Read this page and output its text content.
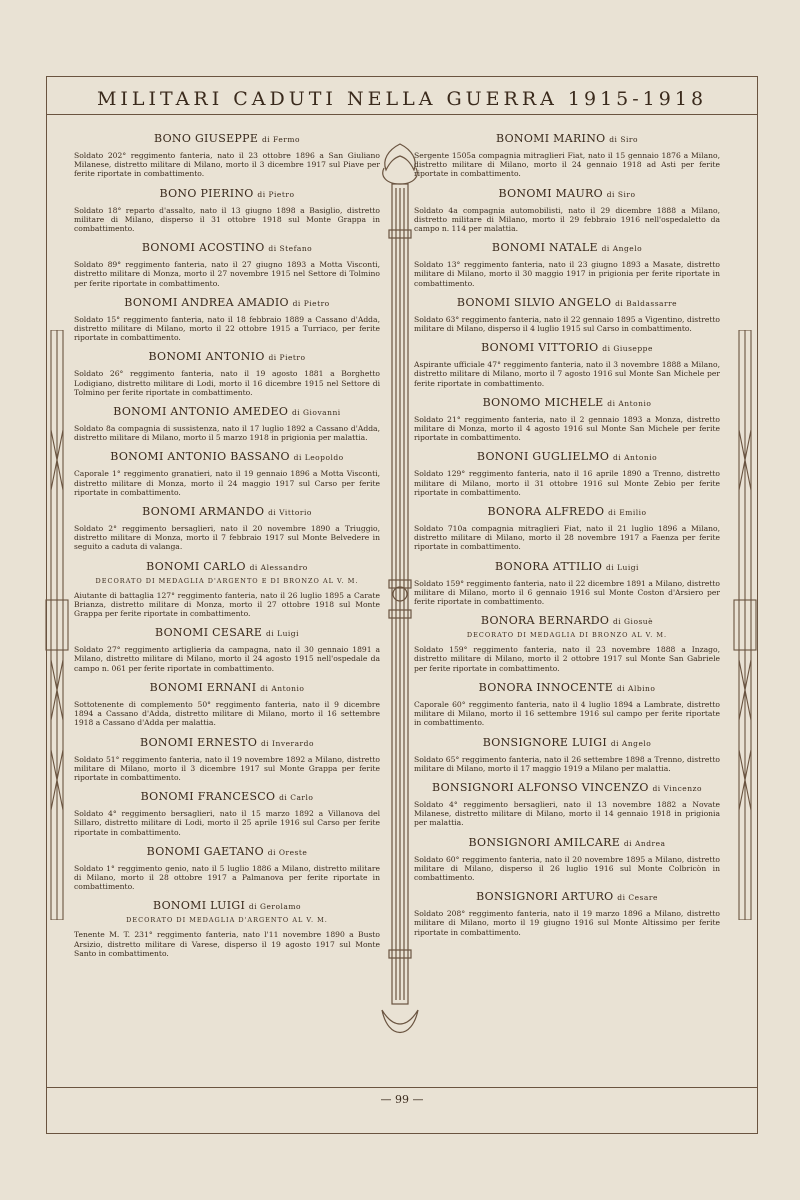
MILITARI CADUTI NELLA GUERRA 1915-1918
BONO GIUSEPPE di Fermo

Soldato 202° reggimento fanteria, nato il 23 ottobre 1896 a San Giuliano Milanese, distretto militare di Milano, morto il 3 dicembre 1917 sul Piave per ferite riportate in combattimento.

BONO PIERINO di Pietro

Soldato 18° reparto d'assalto, nato il 13 giugno 1898 a Basiglio, distretto militare di Milano, disperso il 31 ottobre 1918 sul Monte Grappa in combattimento.

BONOMI ACOSTINO di Stefano

Soldato 89° reggimento fanteria, nato il 27 giugno 1893 a Motta Visconti, distretto militare di Monza, morto il 27 novembre 1915 nel Settore di Tolmino per ferite riportate in combattimento.

BONOMI ANDREA AMADIO di Pietro

Soldato 15° reggimento fanteria, nato il 18 febbraio 1889 a Cassano d'Adda, distretto militare di Milano, morto il 22 ottobre 1915 a Turriaco, per ferite riportate in combattimento.

BONOMI ANTONIO di Pietro

Soldato 26° reggimento fanteria, nato il 19 agosto 1881 a Borghetto Lodigiano, distretto militare di Lodi, morto il 16 dicembre 1915 nel Settore di Tolmino per ferite riportate in combattimento.

BONOMI ANTONIO AMEDEO di Giovanni

Soldato 8a compagnia di sussistenza, nato il 17 luglio 1892 a Cassano d'Adda, distretto militare di Milano, morto il 5 marzo 1918 in prigionia per malattia.

BONOMI ANTONIO BASSANO di Leopoldo

Caporale 1° reggimento granatieri, nato il 19 gennaio 1896 a Motta Visconti, distretto militare di Monza, morto il 24 maggio 1917 sul Carso per ferite riportate in combattimento.

BONOMI ARMANDO di Vittorio

Soldato 2° reggimento bersaglieri, nato il 20 novembre 1890 a Triuggio, distretto militare di Monza, morto il 7 febbraio 1917 sul Monte Belvedere in seguito a caduta di valanga.

BONOMI CARLO di Alessandro
DECORATO DI MEDAGLIA D'ARGENTO E DI BRONZO AL V. M.

Aiutante di battaglia 127° reggimento fanteria, nato il 26 luglio 1895 a Carate Brianza, distretto militare di Monza, morto il 27 ottobre 1918 sul Monte Grappa per ferite riportate in combattimento.

BONOMI CESARE di Luigi

Soldato 27° reggimento artiglieria da campagna, nato il 30 gennaio 1891 a Milano, distretto militare di Milano, morto il 24 agosto 1915 nell'ospedale da campo n. 061 per ferite riportate in combattimento.

BONOMI ERNANI di Antonio

Sottotenente di complemento 50° reggimento fanteria, nato il 9 dicembre 1894 a Cassano d'Adda, distretto militare di Milano, morto il 16 settembre 1918 a Cassano d'Adda per malattia.

BONOMI ERNESTO di Inverardo

Soldato 51° reggimento fanteria, nato il 19 novembre 1892 a Milano, distretto militare di Milano, morto il 3 dicembre 1917 sul Monte Grappa per ferite riportate in combattimento.

BONOMI FRANCESCO di Carlo

Soldato 4° reggimento bersaglieri, nato il 15 marzo 1892 a Villanova del Sillaro, distretto militare di Lodi, morto il 25 aprile 1916 sul Carso per ferite riportate in combattimento.

BONOMI GAETANO di Oreste

Soldato 1° reggimento genio, nato il 5 luglio 1886 a Milano, distretto militare di Milano, morto il 28 ottobre 1917 a Palmanova per ferite riportate in combattimento.

BONOMI LUIGI di Gerolamo
DECORATO DI MEDAGLIA D'ARGENTO AL V. M.

Tenente M. T. 231° reggimento fanteria, nato l'11 novembre 1890 a Busto Arsizio, distretto militare di Varese, disperso il 19 agosto 1917 sul Monte Santo in combattimento.

BONOMI MARINO di Siro

Sergente 1505a compagnia mitraglieri Fiat, nato il 15 gennaio 1876 a Milano, distretto militare di Milano, morto il 24 gennaio 1918 ad Asti per ferite riportate in combattimento.

BONOMI MAURO di Siro

Soldato 4a compagnia automobilisti, nato il 29 dicembre 1888 a Milano, distretto militare di Milano, morto il 29 febbraio 1916 nell'ospedaletto da campo n. 114 per malattia.

BONOMI NATALE di Angelo

Soldato 13° reggimento fanteria, nato il 23 giugno 1893 a Masate, distretto militare di Milano, morto il 30 maggio 1917 in prigionia per ferite riportate in combattimento.

BONOMI SILVIO ANGELO di Baldassarre

Soldato 63° reggimento fanteria, nato il 22 gennaio 1895 a Vigentino, distretto militare di Milano, disperso il 4 luglio 1915 sul Carso in combattimento.

BONOMI VITTORIO di Giuseppe

Aspirante ufficiale 47° reggimento fanteria, nato il 3 novembre 1888 a Milano, distretto militare di Milano, morto il 7 agosto 1916 sul Monte San Michele per ferite riportate in combattimento.

BONOMO MICHELE di Antonio

Soldato 21° reggimento fanteria, nato il 2 gennaio 1893 a Monza, distretto militare di Monza, morto il 4 agosto 1916 sul Monte San Michele per ferite riportate in combattimento.

BONONI GUGLIELMO di Antonio

Soldato 129° reggimento fanteria, nato il 16 aprile 1890 a Trenno, distretto militare di Milano, morto il 31 ottobre 1916 sul Monte Zebio per ferite riportate in combattimento.

BONORA ALFREDO di Emilio

Soldato 710a compagnia mitraglieri Fiat, nato il 21 luglio 1896 a Milano, distretto militare di Milano, morto il 28 novembre 1917 a Faenza per ferite riportate in combattimento.

BONORA ATTILIO di Luigi

Soldato 159° reggimento fanteria, nato il 22 dicembre 1891 a Milano, distretto militare di Milano, morto il 6 gennaio 1916 sul Monte Coston d'Arsiero per ferite riportate in combattimento.

BONORA BERNARDO di Giosuè
DECORATO DI MEDAGLIA DI BRONZO AL V. M.

Soldato 159° reggimento fanteria, nato il 23 novembre 1888 a Inzago, distretto militare di Milano, morto il 2 ottobre 1917 sul Monte San Gabriele per ferite riportate in combattimento.

BONORA INNOCENTE di Albino

Caporale 60° reggimento fanteria, nato il 4 luglio 1894 a Lambrate, distretto militare di Milano, morto il 16 settembre 1916 sul campo per ferite riportate in combattimento.

BONSIGNORE LUIGI di Angelo

Soldato 65° reggimento fanteria, nato il 26 settembre 1898 a Trenno, distretto militare di Milano, morto il 17 maggio 1919 a Milano per malattia.

BONSIGNORI ALFONSO VINCENZO di Vincenzo

Soldato 4° reggimento bersaglieri, nato il 13 novembre 1882 a Novate Milanese, distretto militare di Milano, morto il 14 gennaio 1918 in prigionia per malattia.

BONSIGNORI AMILCARE di Andrea

Soldato 60° reggimento fanteria, nato il 20 novembre 1895 a Milano, distretto militare di Milano, disperso il 26 luglio 1916 sul Monte Colbricòn in combattimento.

BONSIGNORI ARTURO di Cesare

Soldato 208° reggimento fanteria, nato il 19 marzo 1896 a Milano, distretto militare di Milano, morto il 19 giugno 1916 sul Monte Altissimo per ferite riportate in combattimento.

— 99 —
